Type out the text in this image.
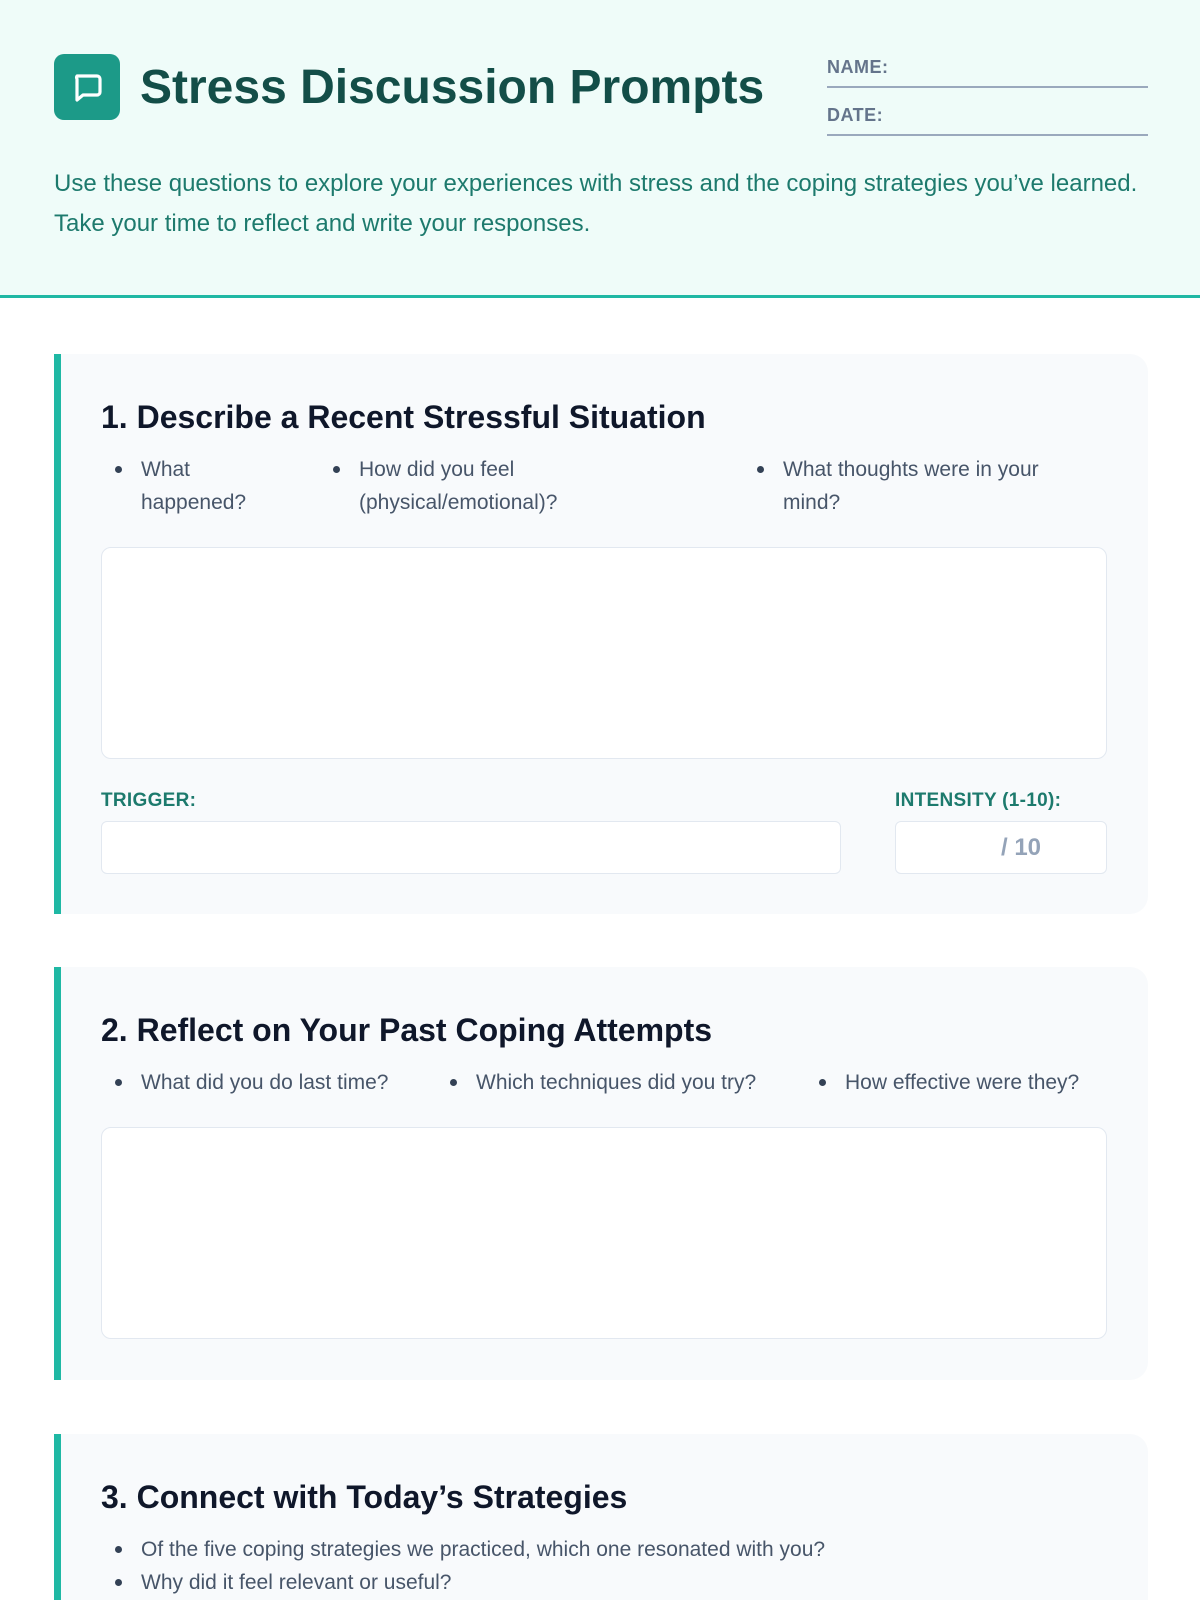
Stress Discussion Prompts	NAME:
DATE:

Use these questions to explore your experiences with stress and the coping strategies you’ve learned. Take your time to reflect and write your responses.

1. Describe a Recent Stressful Situation
What happened?
How did you feel (physical/emotional)?
What thoughts were in your mind?
TRIGGER:	INTENSITY (1-10):
/ 10
2. Reflect on Your Past Coping Attempts
What did you do last time?	Which techniques did you try?	How effective were they?
3. Connect with Today’s Strategies
Of the five coping strategies we practiced, which one resonated with you?
Why did it feel relevant or useful?
